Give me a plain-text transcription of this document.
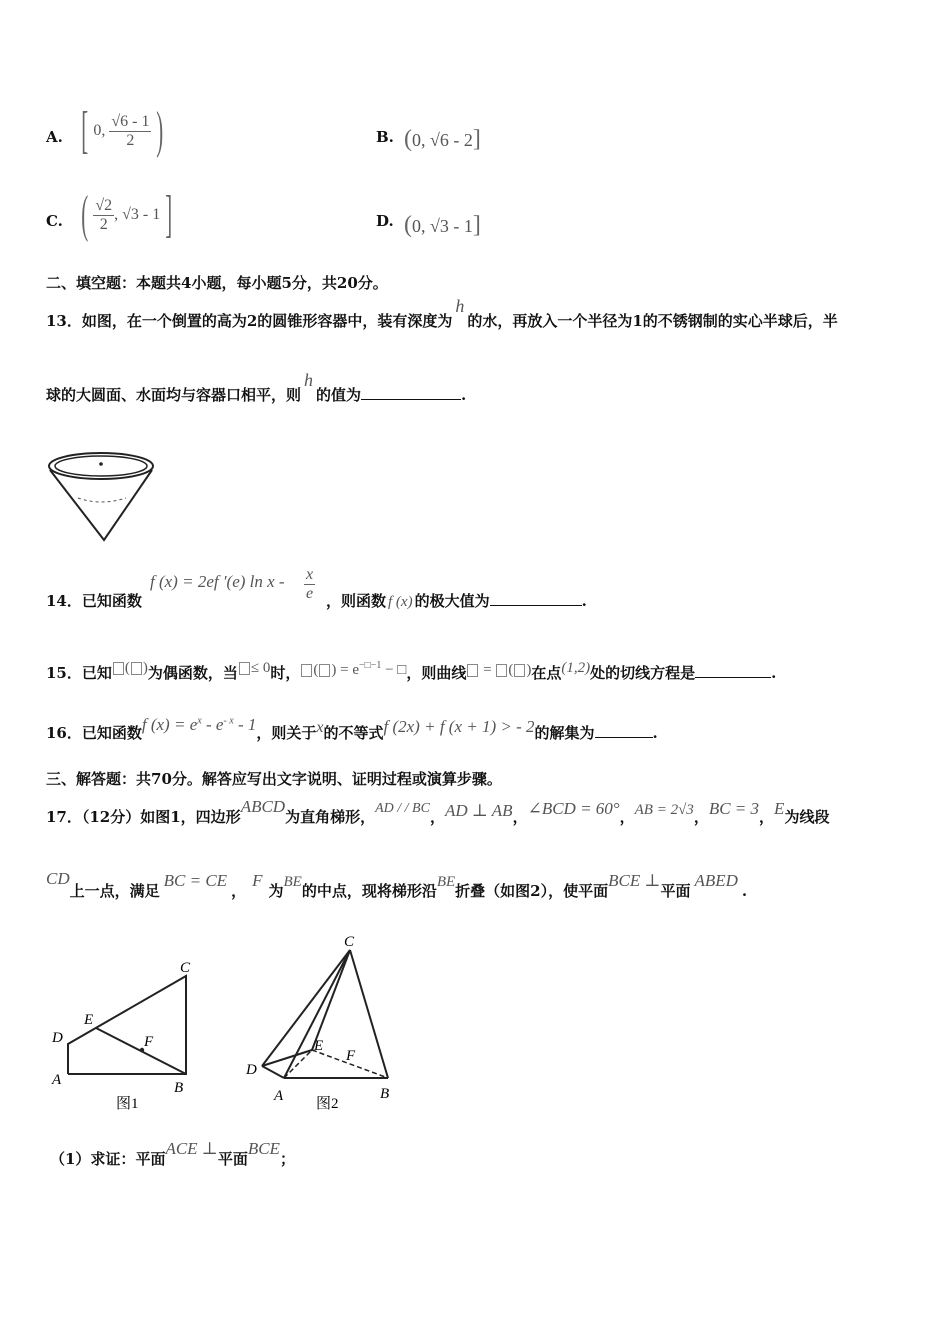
A. [ 0, $\frac{√6 - 1}{2}$ )	B. (0, √6 - 2]
C. ( $\frac{√2}{2}$ , √3 - 1 ]	D. (0, √3 - 1]
二、填空题：本题共4小题，每小题5分，共20分。
13．如图，在一个倒置的高为2的圆锥形容器中，装有深度为h的水，再放入一个半径为1的不锈钢制的实心半球后，半
球的大圆面、水面均与容器口相平，则h的值为	.
14．已知函数
f (x) = 2ef ′(e) ln x - $\frac{x}{e}$ ，则函数 f (x) 的极大值为	.
15．已知 ( )为偶函数，当 ≤ 0时， ( ) = $e^{-□-1}$ − □，则曲线 = ( )在点(1,2)处的切线方程是	.
16．已知函数f $(x) = e^x - e^{- x} - 1$，则关于x的不等式f (2x) + f (x + 1) > - 2的解集为	.
三、解答题：共70分。解答应写出文字说明、证明过程或演算步骤。
17．（12分）如图1，四边形ABCD为直角梯形，AD / / BC，AD ⊥ AB，∠BCD = 60°，AB = 2√3，BC = 3，E为线段
CD上一点，满足BC = CE，F为BE的中点，现将梯形沿BE折叠（如图2），使平面BCE ⊥平面ABED.
A	B
C
D
E
F
图1
C
D
A	B
E
F
图2
（1）求证：平面ACE ⊥平面BCE；
